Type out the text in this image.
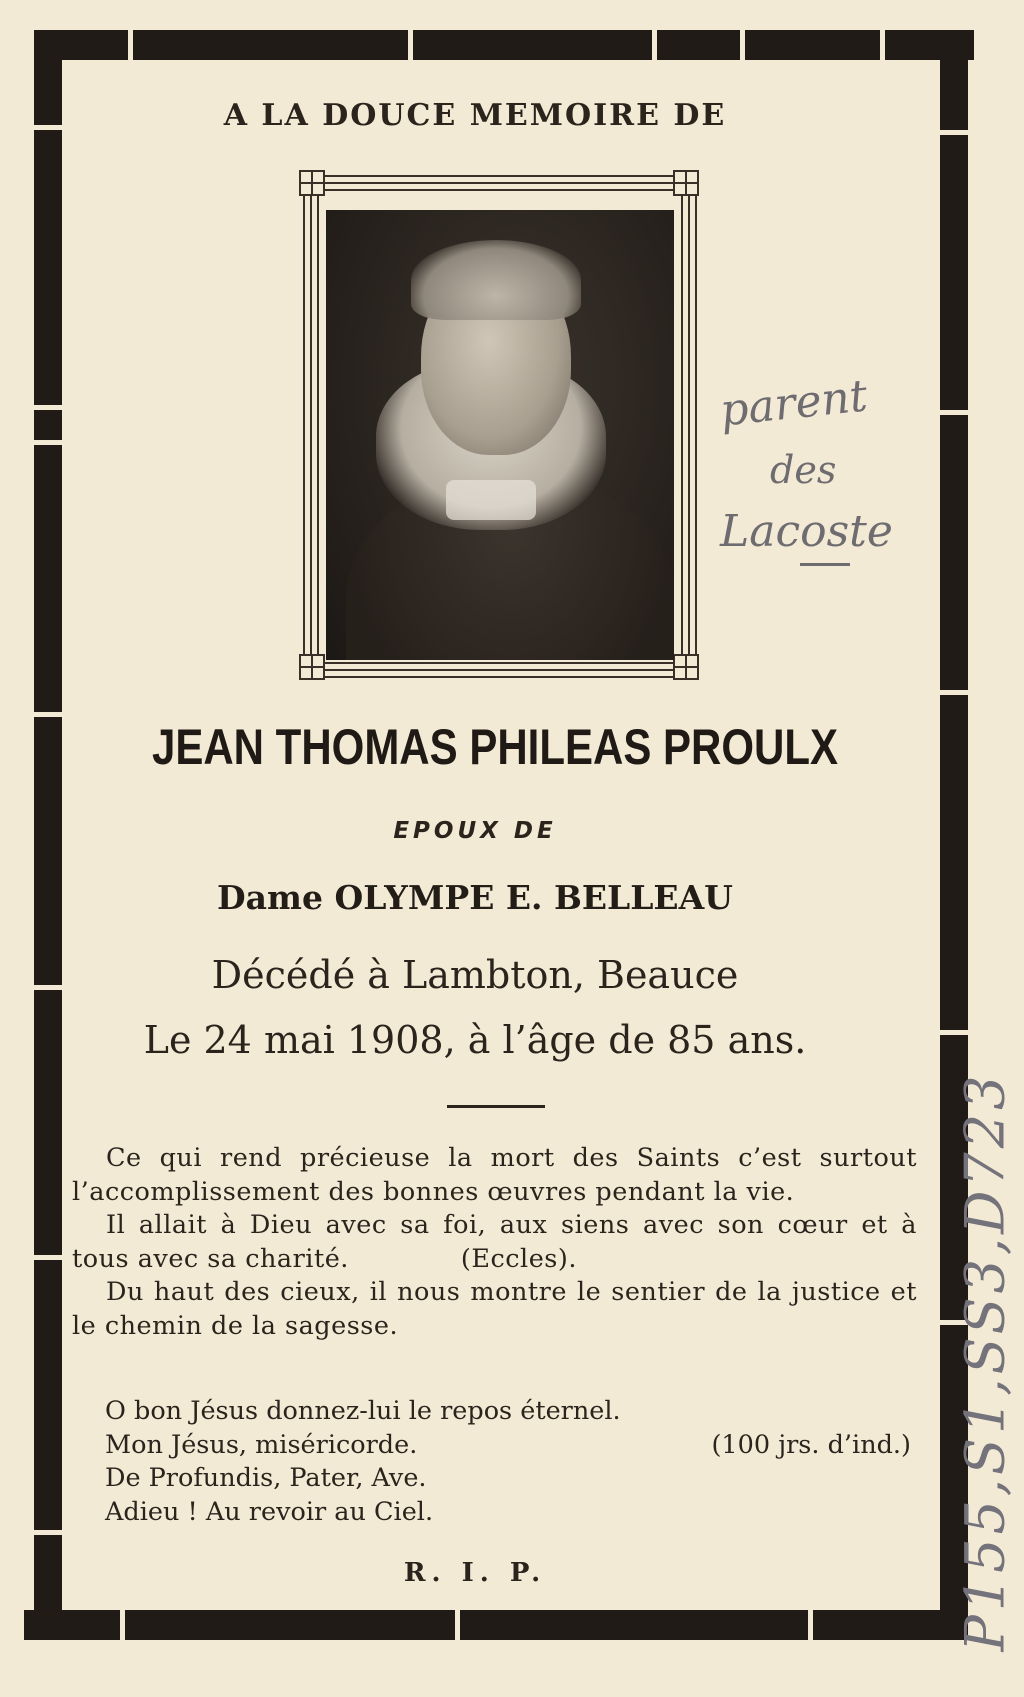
A LA DOUCE MEMOIRE DE
parent
des
Lacoste
JEAN THOMAS PHILEAS PROULX
EPOUX DE
Dame OLYMPE E. BELLEAU
Décédé à Lambton, Beauce
Le 24 mai 1908, à l’âge de 85 ans.

Ce qui rend précieuse la mort des Saints c’est surtout l’accomplissement des bonnes œuvres pendant la vie.

Il allait à Dieu avec sa foi, aux siens avec son cœur et à tous avec sa charité.	(Eccles).

Du haut des cieux, il nous montre le sentier de la justice et le chemin de la sagesse.

O bon Jésus donnez-lui le repos éternel.
Mon Jésus, miséricorde.	(100 jrs. d’ind.)
De Profundis, Pater, Ave.
Adieu ! Au revoir au Ciel.
R. I. P.	P155,S1,SS3,D723
